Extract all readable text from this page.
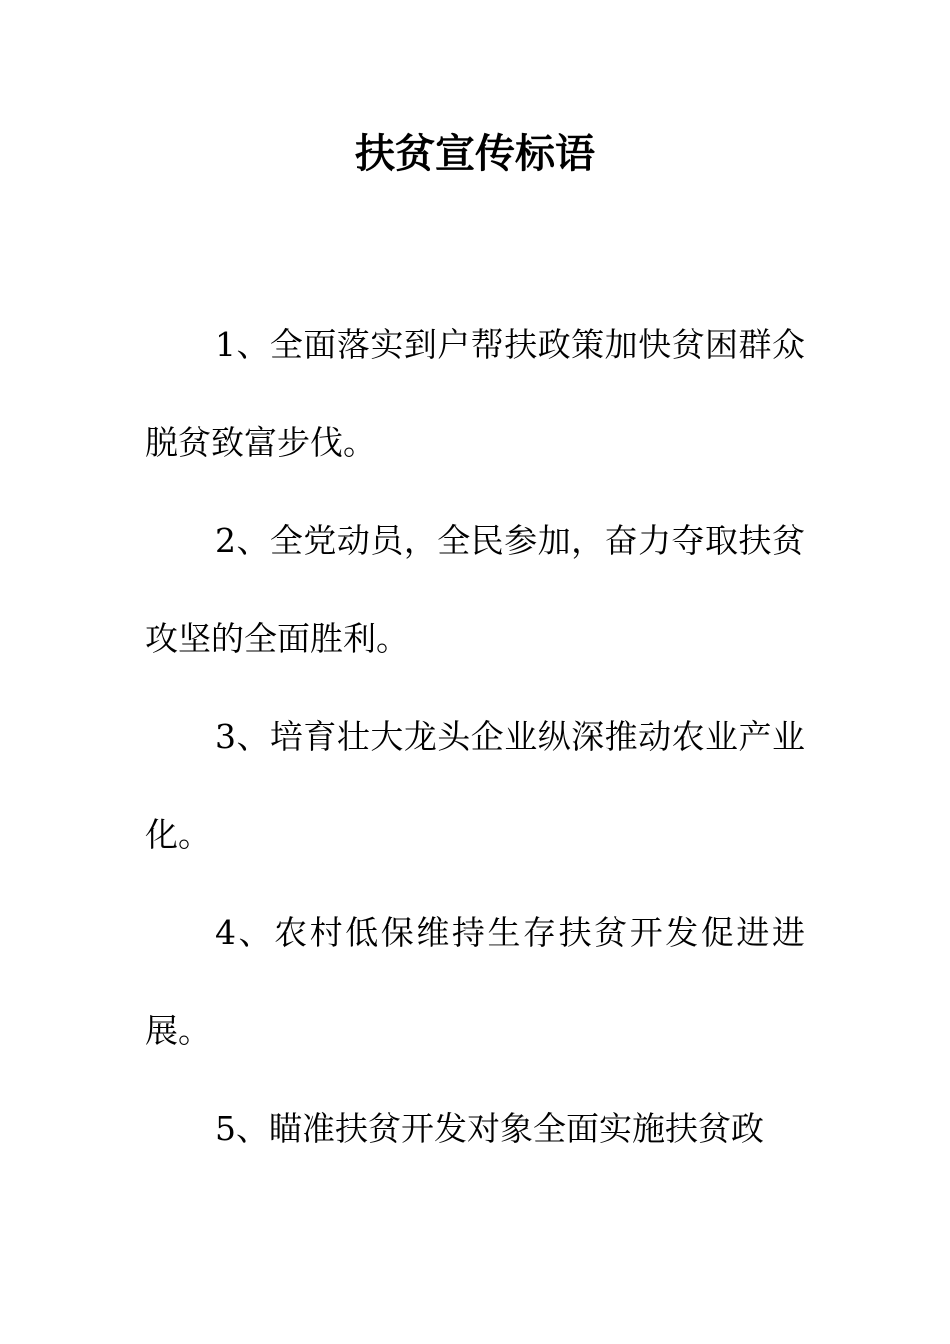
扶贫宣传标语

1、全面落实到户帮扶政策加快贫困群众脱贫致富步伐。

2、全党动员，全民参加，奋力夺取扶贫攻坚的全面胜利。

3、培育壮大龙头企业纵深推动农业产业化。

4、农村低保维持生存扶贫开发促进进展。

5、瞄准扶贫开发对象全面实施扶贫政
